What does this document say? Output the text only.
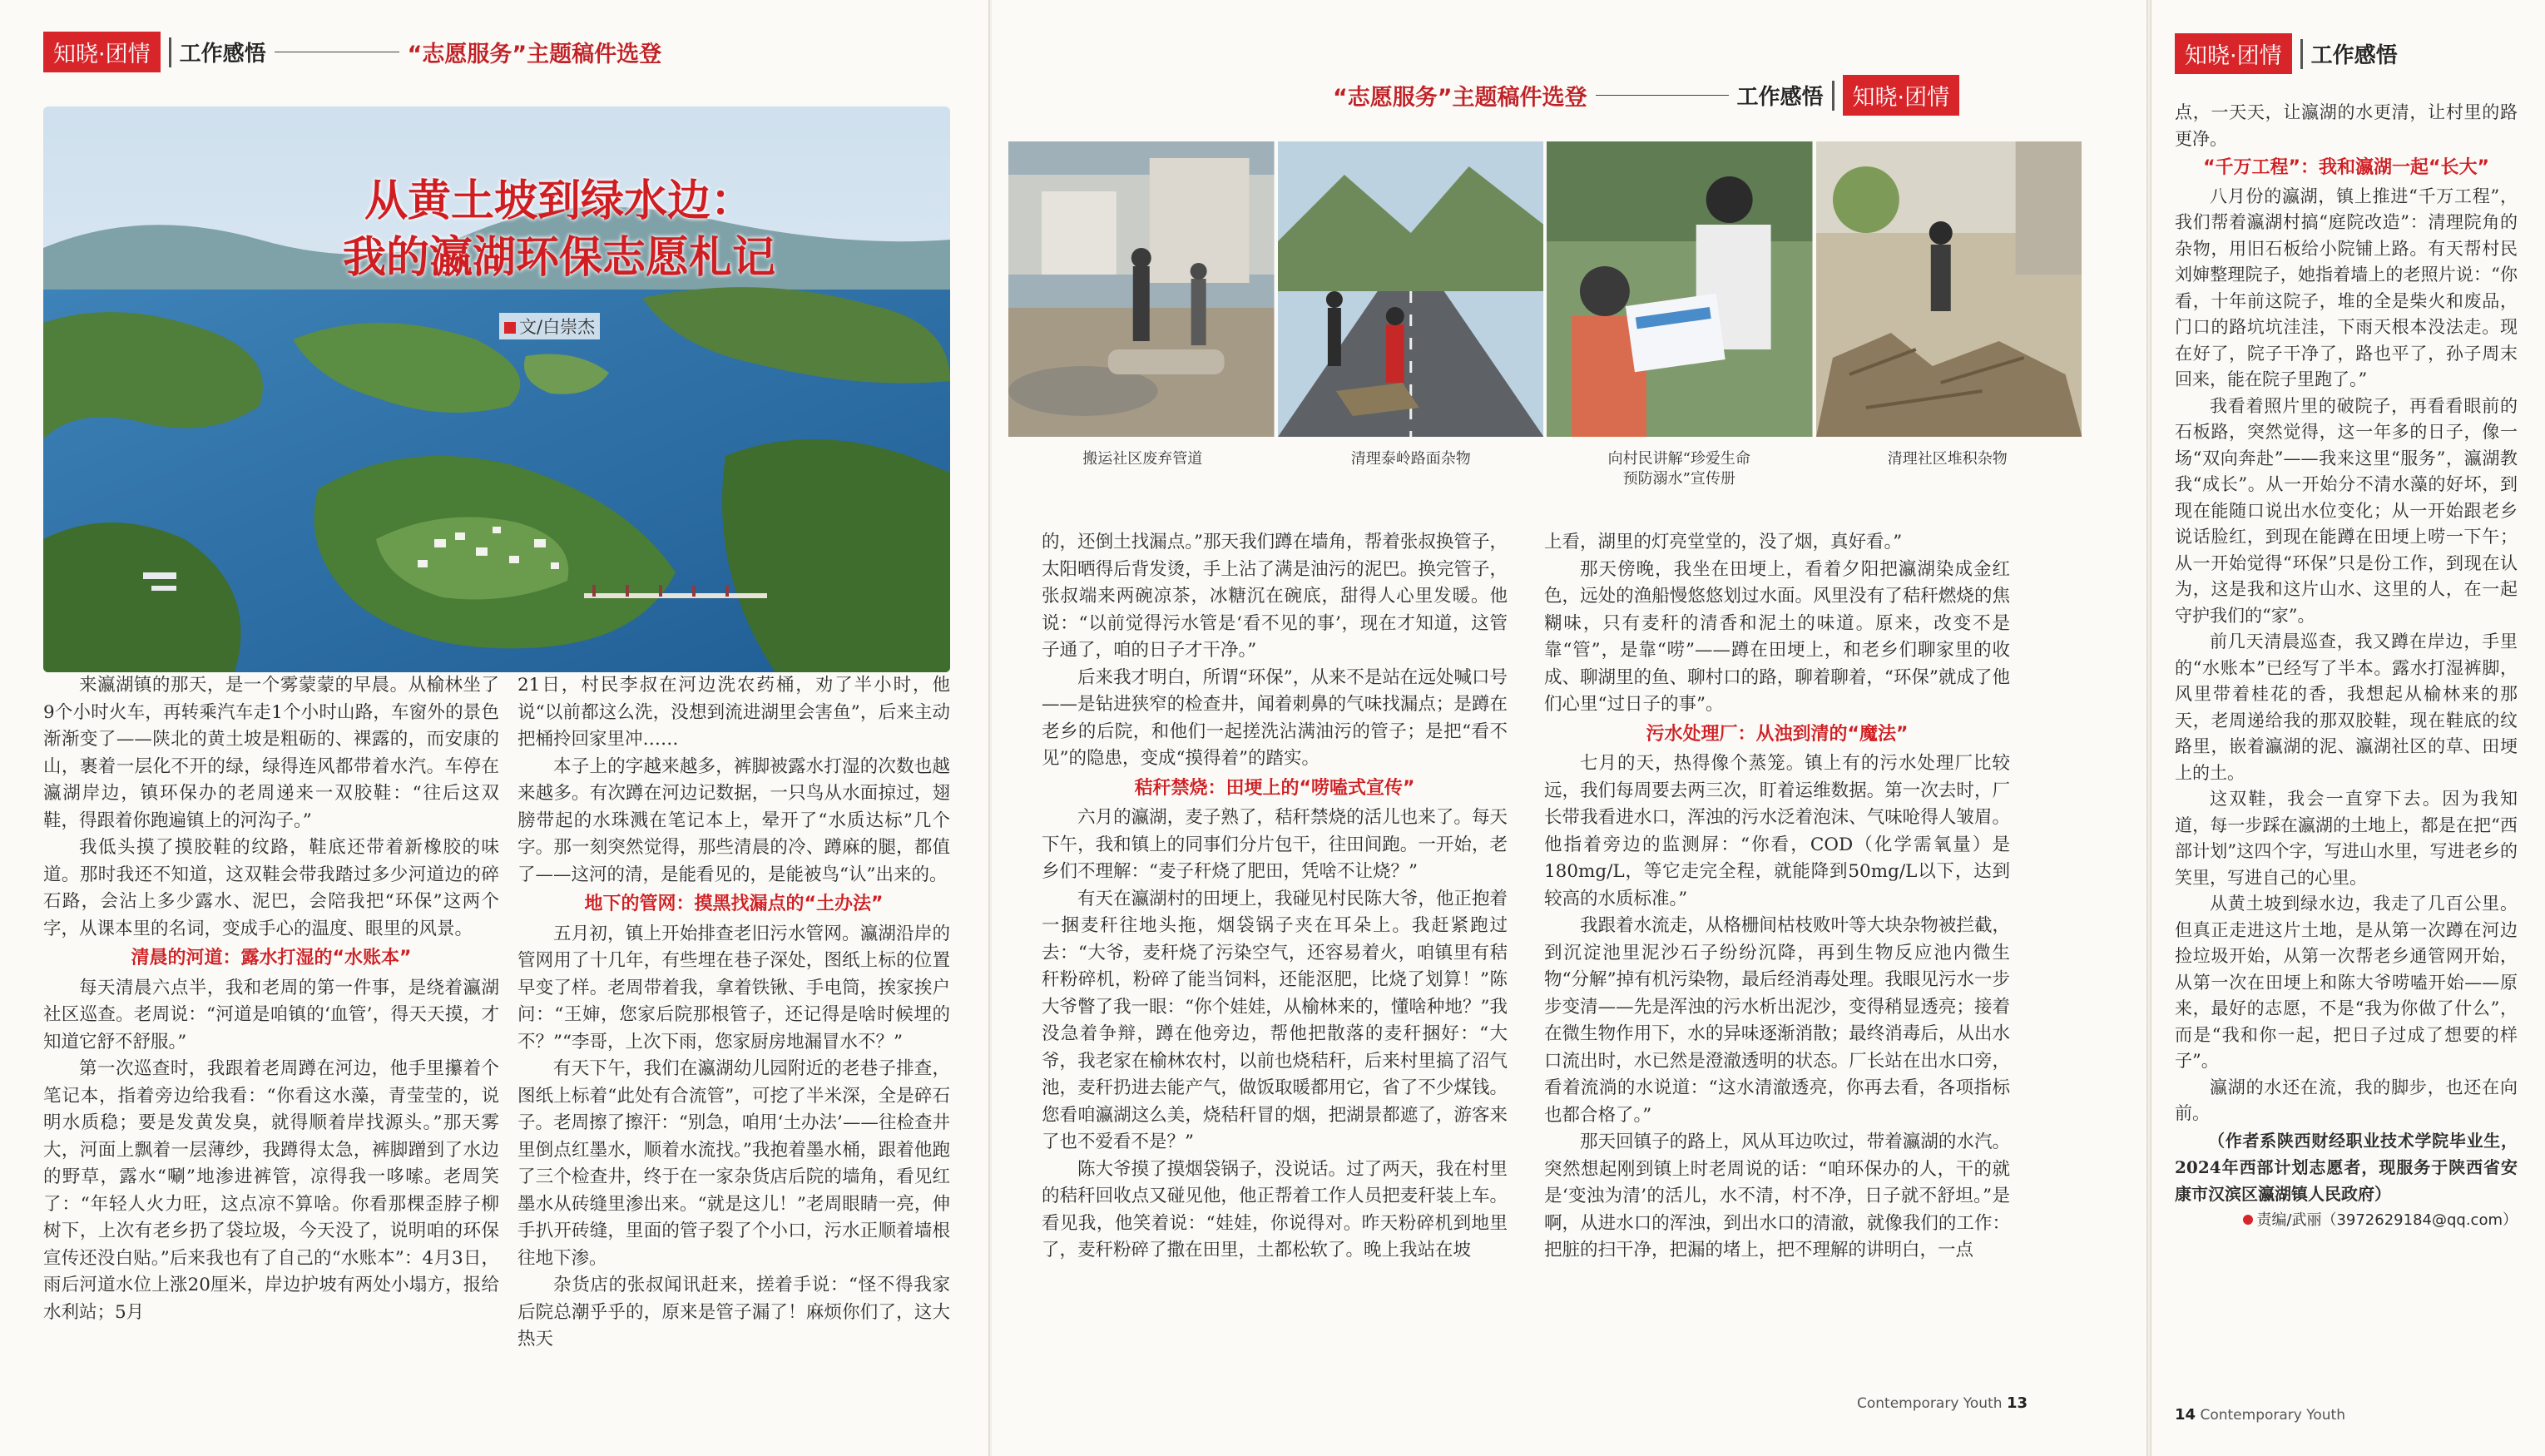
知晓·团情	工作感悟	“志愿服务”主题稿件选登
从黄土坡到绿水边：
我的瀛湖环保志愿札记
文/白崇杰

来瀛湖镇的那天，是一个雾蒙蒙的早晨。从榆林坐了9个小时火车，再转乘汽车走1个小时山路，车窗外的景色渐渐变了——陕北的黄土坡是粗砺的、裸露的，而安康的山，裹着一层化不开的绿，绿得连风都带着水汽。车停在瀛湖岸边，镇环保办的老周递来一双胶鞋：“往后这双鞋，得跟着你跑遍镇上的河沟子。”

我低头摸了摸胶鞋的纹路，鞋底还带着新橡胶的味道。那时我还不知道，这双鞋会带我踏过多少河道边的碎石路，会沾上多少露水、泥巴，会陪我把“环保”这两个字，从课本里的名词，变成手心的温度、眼里的风景。

清晨的河道：露水打湿的“水账本”

每天清晨六点半，我和老周的第一件事，是绕着瀛湖社区巡查。老周说：“河道是咱镇的‘血管’，得天天摸，才知道它舒不舒服。”

第一次巡查时，我跟着老周蹲在河边，他手里攥着个笔记本，指着旁边给我看：“你看这水藻，青莹莹的，说明水质稳；要是发黄发臭，就得顺着岸找源头。”那天雾大，河面上飘着一层薄纱，我蹲得太急，裤脚蹭到了水边的野草，露水“唰”地渗进裤管，凉得我一哆嗦。老周笑了：“年轻人火力旺，这点凉不算啥。你看那棵歪脖子柳树下，上次有老乡扔了袋垃圾，今天没了，说明咱的环保宣传还没白贴。”后来我也有了自己的“水账本”：4月3日，雨后河道水位上涨20厘米，岸边护坡有两处小塌方，报给水利站；5月

21日，村民李叔在河边洗农药桶，劝了半小时，他说“以前都这么洗，没想到流进湖里会害鱼”，后来主动把桶拎回家里冲……

本子上的字越来越多，裤脚被露水打湿的次数也越来越多。有次蹲在河边记数据，一只鸟从水面掠过，翅膀带起的水珠溅在笔记本上，晕开了“水质达标”几个字。那一刻突然觉得，那些清晨的冷、蹲麻的腿，都值了——这河的清，是能看见的，是能被鸟“认”出来的。

地下的管网：摸黑找漏点的“土办法”

五月初，镇上开始排查老旧污水管网。瀛湖沿岸的管网用了十几年，有些埋在巷子深处，图纸上标的位置早变了样。老周带着我，拿着铁锹、手电筒，挨家挨户问：“王婶，您家后院那根管子，还记得是啥时候埋的不？”“李哥，上次下雨，您家厨房地漏冒水不？”

有天下午，我们在瀛湖幼儿园附近的老巷子排查，图纸上标着“此处有合流管”，可挖了半米深，全是碎石子。老周擦了擦汗：“别急，咱用‘土办法’——往检查井里倒点红墨水，顺着水流找。”我抱着墨水桶，跟着他跑了三个检查井，终于在一家杂货店后院的墙角，看见红墨水从砖缝里渗出来。“就是这儿！”老周眼睛一亮，伸手扒开砖缝，里面的管子裂了个小口，污水正顺着墙根往地下渗。

杂货店的张叔闻讯赶来，搓着手说：“怪不得我家后院总潮乎乎的，原来是管子漏了！麻烦你们了，这大热天

“志愿服务”主题稿件选登	工作感悟	知晓·团情
搬运社区废弃管道	清理泰岭路面杂物	向村民讲解“珍爱生命
预防溺水”宣传册
清理社区堆积杂物

的，还倒土找漏点。”那天我们蹲在墙角，帮着张叔换管子，太阳晒得后背发烫，手上沾了满是油污的泥巴。换完管子，张叔端来两碗凉茶，冰糖沉在碗底，甜得人心里发暖。他说：“以前觉得污水管是‘看不见的事’，现在才知道，这管子通了，咱的日子才干净。”

后来我才明白，所谓“环保”，从来不是站在远处喊口号——是钻进狭窄的检查井，闻着刺鼻的气味找漏点；是蹲在老乡的后院，和他们一起搓洗沾满油污的管子；是把“看不见”的隐患，变成“摸得着”的踏实。

秸秆禁烧：田埂上的“唠嗑式宣传”

六月的瀛湖，麦子熟了，秸秆禁烧的活儿也来了。每天下午，我和镇上的同事们分片包干，往田间跑。一开始，老乡们不理解：“麦子秆烧了肥田，凭啥不让烧？”

有天在瀛湖村的田埂上，我碰见村民陈大爷，他正抱着一捆麦秆往地头拖，烟袋锅子夹在耳朵上。我赶紧跑过去：“大爷，麦秆烧了污染空气，还容易着火，咱镇里有秸秆粉碎机，粉碎了能当饲料，还能沤肥，比烧了划算！”陈大爷瞥了我一眼：“你个娃娃，从榆林来的，懂啥种地？”我没急着争辩，蹲在他旁边，帮他把散落的麦秆捆好：“大爷，我老家在榆林农村，以前也烧秸秆，后来村里搞了沼气池，麦秆扔进去能产气，做饭取暖都用它，省了不少煤钱。您看咱瀛湖这么美，烧秸秆冒的烟，把湖景都遮了，游客来了也不爱看不是？”

陈大爷摸了摸烟袋锅子，没说话。过了两天，我在村里的秸秆回收点又碰见他，他正帮着工作人员把麦秆装上车。看见我，他笑着说：“娃娃，你说得对。昨天粉碎机到地里了，麦秆粉碎了撒在田里，土都松软了。晚上我站在坡

上看，湖里的灯亮堂堂的，没了烟，真好看。”

那天傍晚，我坐在田埂上，看着夕阳把瀛湖染成金红色，远处的渔船慢悠悠划过水面。风里没有了秸秆燃烧的焦糊味，只有麦秆的清香和泥土的味道。原来，改变不是靠“管”，是靠“唠”——蹲在田埂上，和老乡们聊家里的收成、聊湖里的鱼、聊村口的路，聊着聊着，“环保”就成了他们心里“过日子的事”。

污水处理厂：从浊到清的“魔法”

七月的天，热得像个蒸笼。镇上有的污水处理厂比较远，我们每周要去两三次，盯着运维数据。第一次去时，厂长带我看进水口，浑浊的污水泛着泡沫、气味呛得人皱眉。他指着旁边的监测屏：“你看，COD（化学需氧量）是180mg/L，等它走完全程，就能降到50mg/L以下，达到较高的水质标准。”

我跟着水流走，从格栅间枯枝败叶等大块杂物被拦截，到沉淀池里泥沙石子纷纷沉降，再到生物反应池内微生物“分解”掉有机污染物，最后经消毒处理。我眼见污水一步步变清——先是浑浊的污水析出泥沙，变得稍显透亮；接着在微生物作用下，水的异味逐渐消散；最终消毒后，从出水口流出时，水已然是澄澈透明的状态。厂长站在出水口旁，看着流淌的水说道：“这水清澈透亮，你再去看，各项指标也都合格了。”

那天回镇子的路上，风从耳边吹过，带着瀛湖的水汽。突然想起刚到镇上时老周说的话：“咱环保办的人，干的就是‘变浊为清’的活儿，水不清，村不净，日子就不舒坦。”是啊，从进水口的浑浊，到出水口的清澈，就像我们的工作：把脏的扫干净，把漏的堵上，把不理解的讲明白，一点

Contemporary Youth 13
知晓·团情	工作感悟

点，一天天，让瀛湖的水更清，让村里的路更净。

“千万工程”：我和瀛湖一起“长大”

八月份的瀛湖，镇上推进“千万工程”，我们帮着瀛湖村搞“庭院改造”：清理院角的杂物，用旧石板给小院铺上路。有天帮村民刘婶整理院子，她指着墙上的老照片说：“你看，十年前这院子，堆的全是柴火和废品，门口的路坑坑洼洼，下雨天根本没法走。现在好了，院子干净了，路也平了，孙子周末回来，能在院子里跑了。”

我看着照片里的破院子，再看看眼前的石板路，突然觉得，这一年多的日子，像一场“双向奔赴”——我来这里“服务”，瀛湖教我“成长”。从一开始分不清水藻的好坏，到现在能随口说出水位变化；从一开始跟老乡说话脸红，到现在能蹲在田埂上唠一下午；从一开始觉得“环保”只是份工作，到现在认为，这是我和这片山水、这里的人，在一起守护我们的“家”。

前几天清晨巡查，我又蹲在岸边，手里的“水账本”已经写了半本。露水打湿裤脚，风里带着桂花的香，我想起从榆林来的那天，老周递给我的那双胶鞋，现在鞋底的纹路里，嵌着瀛湖的泥、瀛湖社区的草、田埂上的土。

这双鞋，我会一直穿下去。因为我知道，每一步踩在瀛湖的土地上，都是在把“西部计划”这四个字，写进山水里，写进老乡的笑里，写进自己的心里。

从黄土坡到绿水边，我走了几百公里。但真正走进这片土地，是从第一次蹲在河边捡垃圾开始，从第一次帮老乡通管网开始，从第一次在田埂上和陈大爷唠嗑开始——原来，最好的志愿，不是“我为你做了什么”，而是“我和你一起，把日子过成了想要的样子”。

瀛湖的水还在流，我的脚步，也还在向前。

（作者系陕西财经职业技术学院毕业生，2024年西部计划志愿者，现服务于陕西省安康市汉滨区瀛湖镇人民政府）

责编/武丽（3972629184@qq.com）

14 Contemporary Youth
